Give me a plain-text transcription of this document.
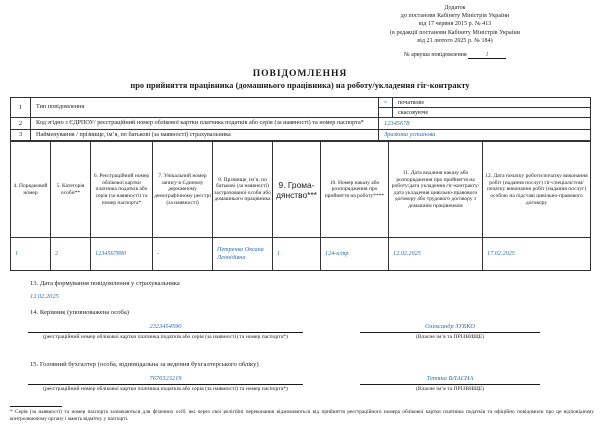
Додаток
до постанови Кабінету Міністрів України
від 17 червня 2015 р. № 413
(в редакції постанови Кабінету Міністрів України
від 21 лютого 2025 р. № 184)
№ аркуша повідомлення	1
ПОВІДОМЛЕННЯ
про прийняття працівника (домашнього працівника) на роботу/укладення гіг-контракту
1	Тип повідомлення	×	початкове
			скасовуюче
2	Код згідно з ЄДРПОУ/ реєстраційний номер облікової картки платника податків або серія (за наявності) та номер паспорта*	12345678	
3	Найменування / прізвище, ім’я, по батькові (за наявності) страхувальника	Зразкова установа	
4. Порядковий номер	5. Категорія особи**	6. Реєстраційний номер облікової картки платника податків або серія (за наявності) та номер паспорта*	7. Унікальний номер запису в Єдиному державному демографічному реєстрі (за наявності)	8. Прізвище, ім’я, по батькові (за наявності) застрахованої особи або домашнього працівника	9. Грома- дянство***	10. Номер наказу або розпорядження про прийняття на роботу****	11. Дата видання наказу або розпорядження про прийняття на роботу/дата укладення гіг-контракту/дата укладення цивільно-правового договору або трудового договору з домашнім працівником	12. Дата початку роботи/початку виконання робіт (надання послуг) гіг-спеціалістом/початку виконання робіт (надання послуг) особою на підставі цивільно-правового договору
1	2	1234567890	-	Петренко Оксана Леонідівна	1	124-к/тр	12.02.2025	17.02.2025
13. Дата формування повідомлення у страхувальника
12.02.2025
14. Керівник (уповноважена особа)
2323454590
(реєстраційний номер облікової картки платника податків або серія (за наявності) та номер паспорта*)
Олександр ЗУБКО
(Власне ім’я та ПРІЗВИЩЕ)
15. Головний бухгалтер (особа, відповідальна за ведення бухгалтерського обліку)
7676323219
(реєстраційний номер облікової картки платника податків або серія (за наявності) та номер паспорта*)
Тетяна ВЛАСНА
(Власне ім’я та ПРІЗВИЩЕ)
* Серія (за наявності) та номер паспорта зазначаються для фізичних осіб, які через свої релігійні переконання відмовляються від прийняття реєстраційного номера облікової картки платника податків та офіційно повідомили про це відповідному контролюючому органу і мають відмітку у паспорті.
